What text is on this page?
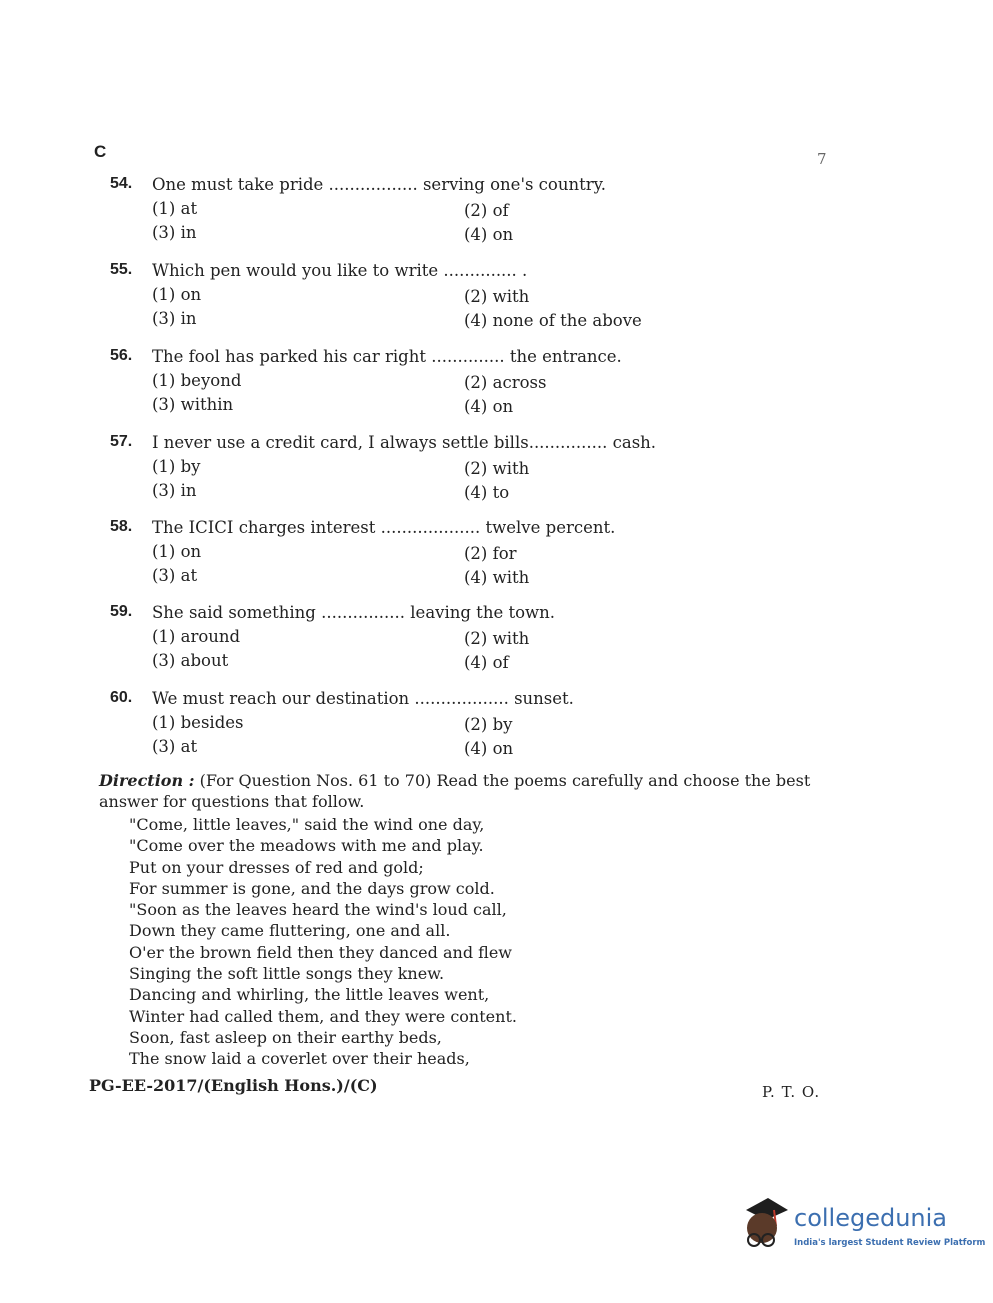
C	7
54. One must take pride ................. serving one's country.
(1) at	(2) of
(3) in	(4) on
55. Which pen would you like to write .............. .
(1) on	(2) with
(3) in	(4) none of the above
56. The fool has parked his car right .............. the entrance.
(1) beyond	(2) across
(3) within	(4) on
57. I never use a credit card, I always settle bills............... cash.
(1) by	(2) with
(3) in	(4) to
58. The ICICI charges interest ................... twelve percent.
(1) on	(2) for
(3) at	(4) with
59. She said something ................ leaving the town.
(1) around	(2) with
(3) about	(4) of
60. We must reach our destination .................. sunset.
(1) besides	(2) by
(3) at	(4) on
Direction : (For Question Nos. 61 to 70) Read the poems carefully and choose the best answer for questions that follow.
"Come, little leaves," said the wind one day,
"Come over the meadows with me and play.
Put on your dresses of red and gold;
For summer is gone, and the days grow cold.
"Soon as the leaves heard the wind's loud call,
Down they came fluttering, one and all.
O'er the brown field then they danced and flew
Singing the soft little songs they knew.
Dancing and whirling, the little leaves went,
Winter had called them, and they were content.
Soon, fast asleep on their earthy beds,
The snow laid a coverlet over their heads,
PG-EE-2017/(English Hons.)/(C)	P. T. O.
collegedunia
India's largest Student Review Platform
